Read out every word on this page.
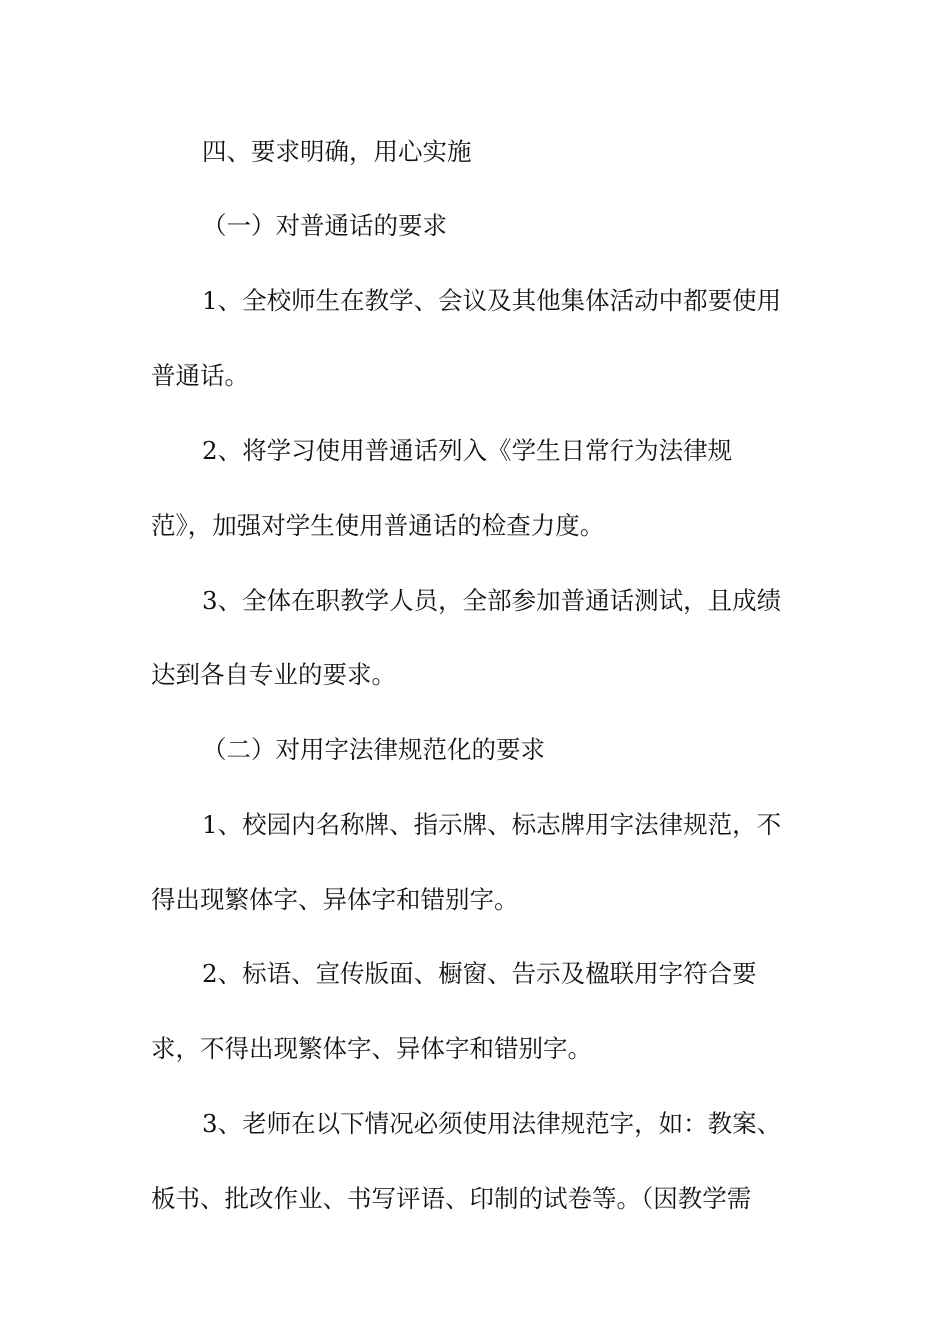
四、要求明确，用心实施
（一）对普通话的要求
1、全校师生在教学、会议及其他集体活动中都要使用
普通话。
2、将学习使用普通话列入《学生日常行为法律规
范》，加强对学生使用普通话的检查力度。
3、全体在职教学人员，全部参加普通话测试，且成绩
达到各自专业的要求。
（二）对用字法律规范化的要求
1、校园内名称牌、指示牌、标志牌用字法律规范，不
得出现繁体字、异体字和错别字。
2、标语、宣传版面、橱窗、告示及楹联用字符合要
求，不得出现繁体字、异体字和错别字。
3、老师在以下情况必须使用法律规范字，如：教案、
板书、批改作业、书写评语、印制的试卷等。（因教学需
